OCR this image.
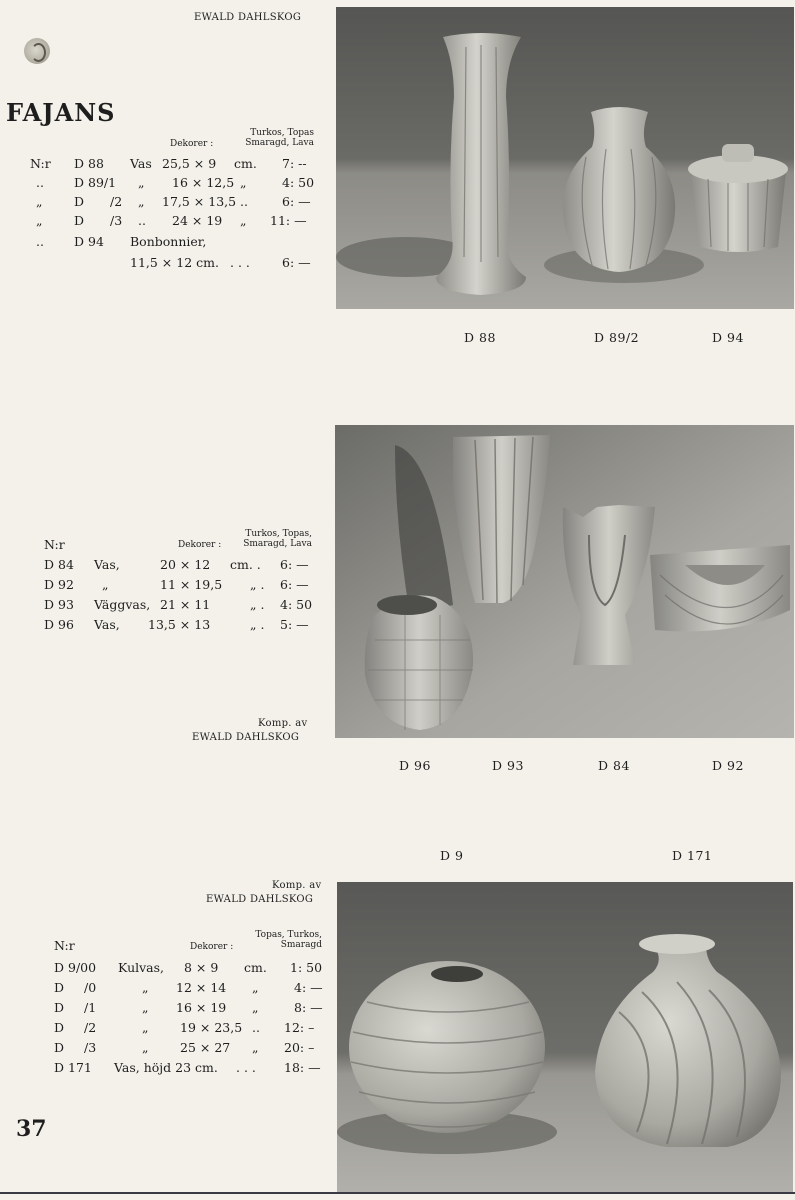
EWALD DAHLSKOG
FAJANS
Turkos, Topas
Smaragd, Lava
Dekorer :
N:r D 88 Vas 25,5 × 9 cm. 7: --
.. D 89/1 „ 16 × 12,5 „	4: 50
„	D /2 „ 17,5 × 13,5 ..	6: —
„	D /3 .. 24 × 19 „ 11: —
.. D 94 Bonbonnier,
11,5 × 12 cm. . . .	6: —
D 88	D 89/2	D 94
N:r
Turkos, Topas,
Smaragd, Lava
Dekorer :
D 84 Vas,	20 × 12 cm. . 6: —
D 92 „	11 × 19,5 „ . 6: —
D 93 Väggvas, 21 × 11	„ . 4: 50
D 96 Vas, 13,5 × 13	„ . 5: —
Komp. av
EWALD DAHLSKOG
D 96	D 93	D 84	D 92
D 9	D 171
Komp. av
EWALD DAHLSKOG
N:r
Topas, Turkos,
Smaragd
Dekorer :
D 9/00 Kulvas, 8 × 9 cm. 1: 50
D /0	„ 12 × 14 „	4: —
D /1	„ 16 × 19 „	8: —
D /2	„	19 × 23,5 .. 12: –
D /3	„	25 × 27 „ 20: –
D 171 Vas, höjd 23 cm. . . . 18: —
37
